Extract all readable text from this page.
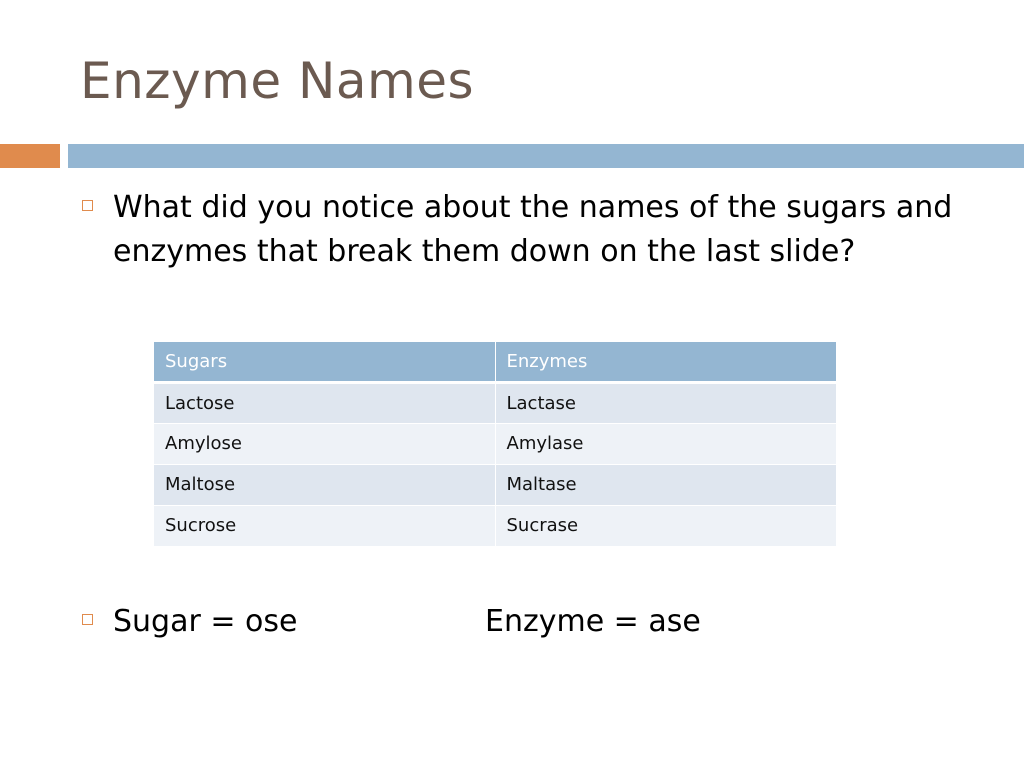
Enzyme Names
What did you notice about the names of the sugars and enzymes that break them down on the last slide?
Sugars	Enzymes
Lactose	Lactase
Amylose	Amylase
Maltose	Maltase
Sucrose	Sucrase
Sugar = ose	Enzyme = ase
